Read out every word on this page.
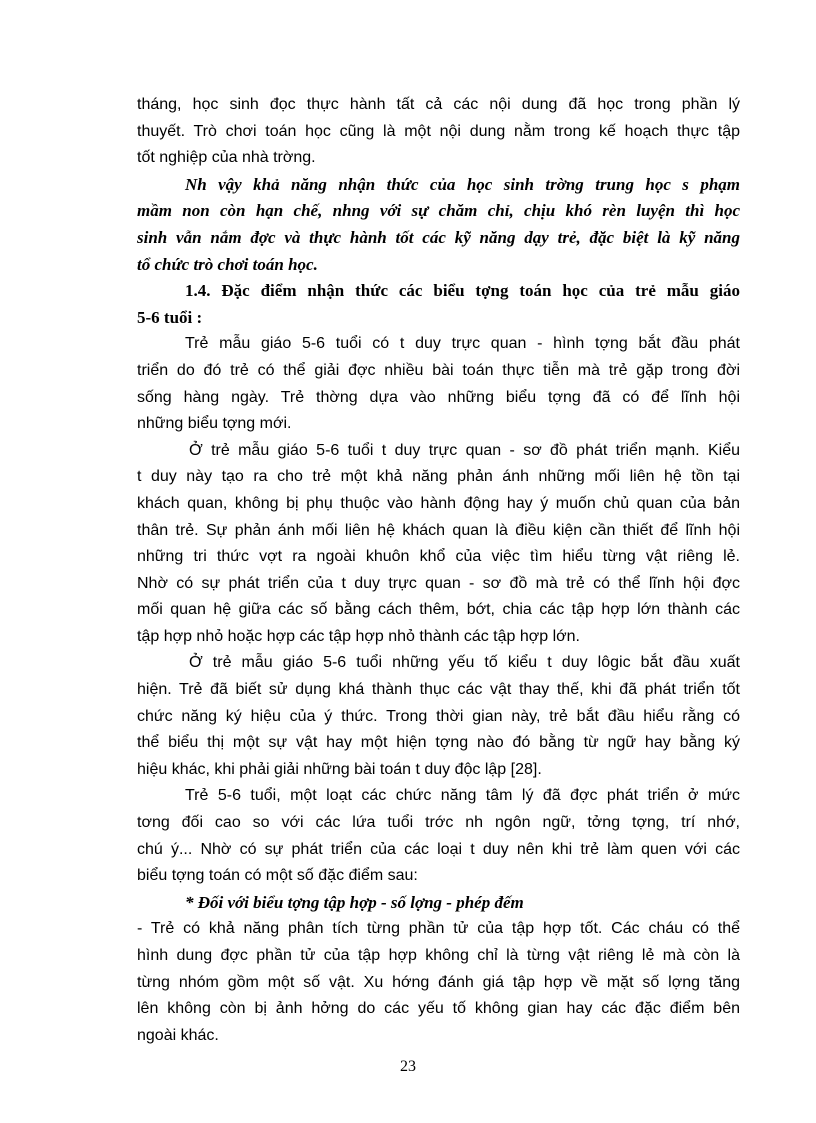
tháng, học sinh đọc thực hành tất cả các nội dung đã học trong phần lý
thuyết. Trò chơi toán học cũng là một nội dung nằm trong kế hoạch thực tập
tốt nghiệp của nhà trờng.
Nh vậy khả năng nhận thức của học sinh trờng trung học s phạm
mầm non còn hạn chế, nhng với sự chăm chỉ, chịu khó rèn luyện thì học
sinh vẫn nắm đợc và thực hành tốt các kỹ năng dạy trẻ, đặc biệt là kỹ năng
tổ chức trò chơi toán học.
1.4. Đặc điểm nhận thức các biểu tợng toán học của trẻ mẫu giáo
5-6 tuổi :
Trẻ mẫu giáo 5-6 tuổi có t duy trực quan - hình tợng bắt đầu phát
triển do đó trẻ có thể giải đợc nhiều bài toán thực tiễn mà trẻ gặp trong đời
sống hàng ngày. Trẻ thờng dựa vào những biểu tợng đã có để lĩnh hội
những biểu tợng mới.
Ở trẻ mẫu giáo 5-6 tuổi t duy trực quan - sơ đồ phát triển mạnh. Kiểu
t duy này tạo ra cho trẻ một khả năng phản ánh những mối liên hệ tồn tại
khách quan, không bị phụ thuộc vào hành động hay ý muốn chủ quan của bản
thân trẻ. Sự phản ánh mối liên hệ khách quan là điều kiện cần thiết để lĩnh hội
những tri thức vợt ra ngoài khuôn khổ của việc tìm hiểu từng vật riêng lẻ.
Nhờ có sự phát triển của t duy trực quan - sơ đồ mà trẻ có thể lĩnh hội đợc
mối quan hệ giữa các số bằng cách thêm, bớt, chia các tập hợp lớn thành các
tập hợp nhỏ hoặc hợp các tập hợp nhỏ thành các tập hợp lớn.
Ở trẻ mẫu giáo 5-6 tuổi những yếu tố kiểu t duy lôgic bắt đầu xuất
hiện. Trẻ đã biết sử dụng khá thành thục các vật thay thế, khi đã phát triển tốt
chức năng ký hiệu của ý thức. Trong thời gian này, trẻ bắt đầu hiểu rằng có
thể biểu thị một sự vật hay một hiện tợng nào đó bằng từ ngữ hay bằng ký
hiệu khác, khi phải giải những bài toán t duy độc lập [28].
Trẻ 5-6 tuổi, một loạt các chức năng tâm lý đã đợc phát triển ở mức
tơng đối cao so với các lứa tuổi trớc nh ngôn ngữ, tởng tợng, trí nhớ,
chú ý... Nhờ có sự phát triển của các loại t duy nên khi trẻ làm quen với các
biểu tợng toán có một số đặc điểm sau:
* Đối với biểu tợng tập hợp - số lợng - phép đếm
- Trẻ có khả năng phân tích từng phần tử của tập hợp tốt. Các cháu có thể
hình dung đợc phần tử của tập hợp không chỉ là từng vật riêng lẻ mà còn là
từng nhóm gồm một số vật. Xu hớng đánh giá tập hợp về mặt số lợng tăng
lên không còn bị ảnh hởng do các yếu tố không gian hay các đặc điểm bên
ngoài khác.
23
